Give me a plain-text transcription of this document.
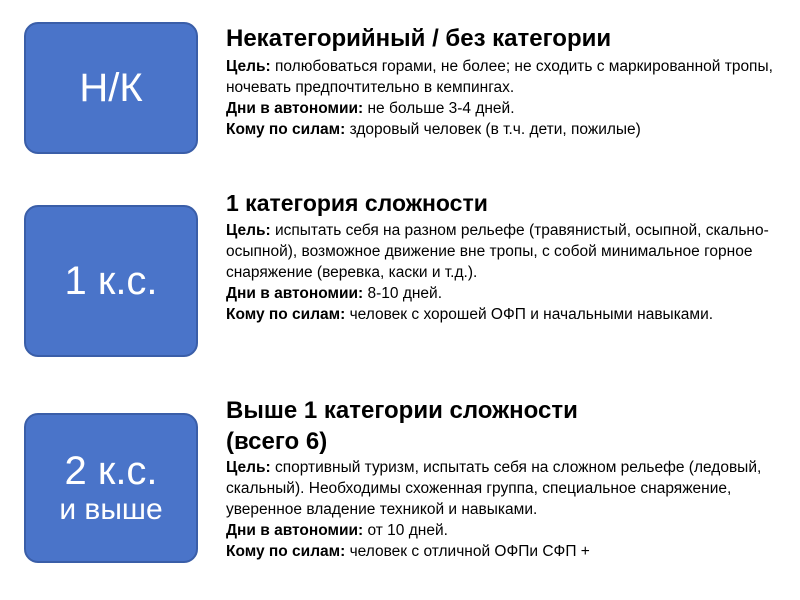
Н/К
1 к.с.
2 к.с.
и выше
Некатегорийный / без категории

Цель: полюбоваться горами, не более; не сходить с маркированной тропы, ночевать предпочтительно в кемпингах.

Дни в автономии: не больше 3-4 дней.

Кому по силам: здоровый человек (в т.ч. дети, пожилые)

1 категория сложности

Цель: испытать себя на разном рельефе (травянистый, осыпной, скально-осыпной), возможное движение вне тропы, с собой минимальное горное снаряжение (веревка, каски и т.д.).

Дни в автономии: 8-10 дней.

Кому по силам: человек с хорошей ОФП и начальными навыками.

Выше 1 категории сложности
(всего 6)

Цель: спортивный туризм, испытать себя на сложном рельефе (ледовый, скальный). Необходимы схоженная группа, специальное снаряжение, уверенное владение техникой и навыками.

Дни в автономии: от 10 дней.

Кому по силам: человек с отличной ОФПи СФП +
